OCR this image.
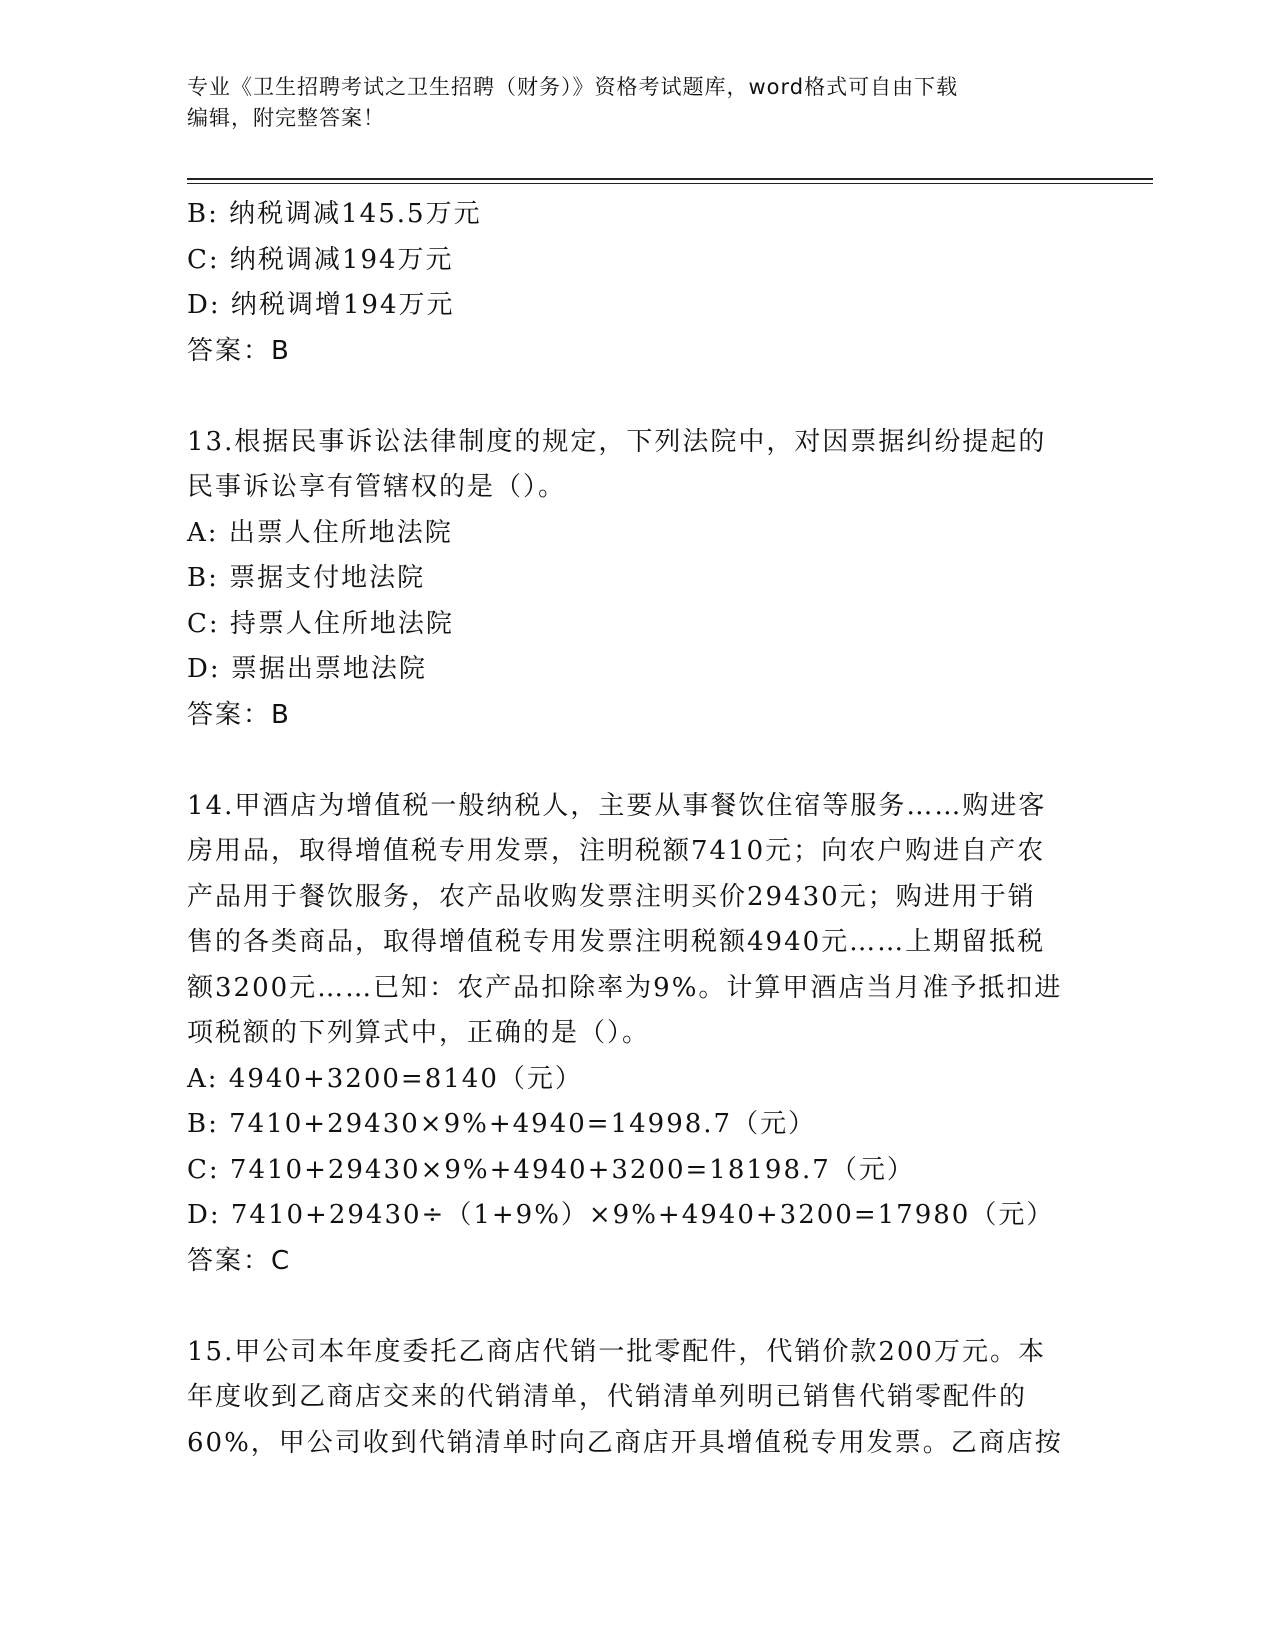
专业《卫生招聘考试之卫生招聘（财务）》资格考试题库，word格式可自由下载
编辑，附完整答案！
B: 纳税调减145.5万元
C: 纳税调减194万元
D: 纳税调增194万元
答案：B
13.根据民事诉讼法律制度的规定，下列法院中，对因票据纠纷提起的
民事诉讼享有管辖权的是（）。
A: 出票人住所地法院
B: 票据支付地法院
C: 持票人住所地法院
D: 票据出票地法院
答案：B
14.甲酒店为增值税一般纳税人，主要从事餐饮住宿等服务……购进客
房用品，取得增值税专用发票，注明税额7410元；向农户购进自产农
产品用于餐饮服务，农产品收购发票注明买价29430元；购进用于销
售的各类商品，取得增值税专用发票注明税额4940元……上期留抵税
额3200元……已知：农产品扣除率为9%。计算甲酒店当月准予抵扣进
项税额的下列算式中，正确的是（）。
A: 4940+3200=8140（元）
B: 7410+29430×9%+4940=14998.7（元）
C: 7410+29430×9%+4940+3200=18198.7（元）
D: 7410+29430÷（1+9%）×9%+4940+3200=17980（元）
答案：C
15.甲公司本年度委托乙商店代销一批零配件，代销价款200万元。本
年度收到乙商店交来的代销清单，代销清单列明已销售代销零配件的
60%，甲公司收到代销清单时向乙商店开具增值税专用发票。乙商店按
